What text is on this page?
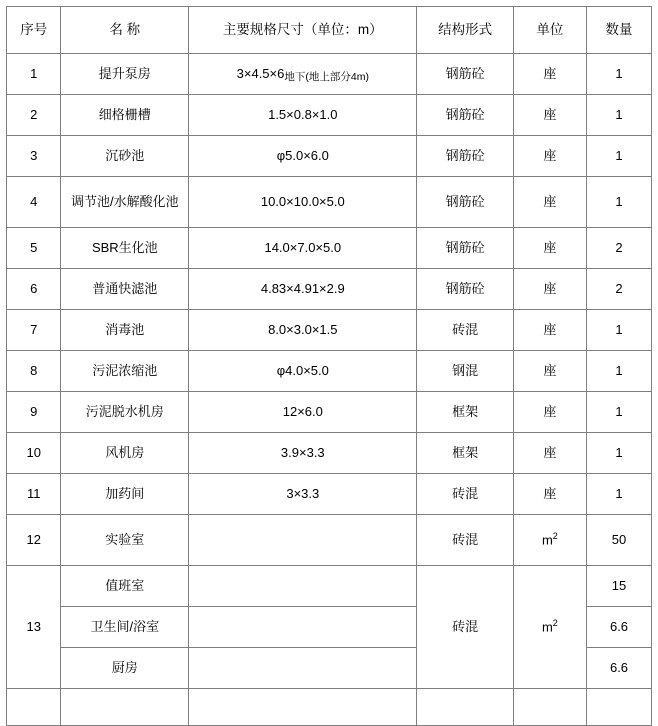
序号	名 称	主要规格尺寸（单位：m）	结构形式	单位	数量
1	提升泵房	3×4.5×6地下(地上部分4m)	钢筋砼	座	1
2	细格栅槽	1.5×0.8×1.0	钢筋砼	座	1
3	沉砂池	φ5.0×6.0	钢筋砼	座	1
4	调节池/水解酸化池	10.0×10.0×5.0	钢筋砼	座	1
5	SBR生化池	14.0×7.0×5.0	钢筋砼	座	2
6	普通快滤池	4.83×4.91×2.9	钢筋砼	座	2
7	消毒池	8.0×3.0×1.5	砖混	座	1
8	污泥浓缩池	φ4.0×5.0	钢混	座	1
9	污泥脱水机房	12×6.0	框架	座	1
10	风机房	3.9×3.3	框架	座	1
11	加药间	3×3.3	砖混	座	1
12	实验室		砖混	$m^2$	50
13	值班室		砖混	$m^2$	15
	卫生间/浴室				6.6
	厨房				6.6
